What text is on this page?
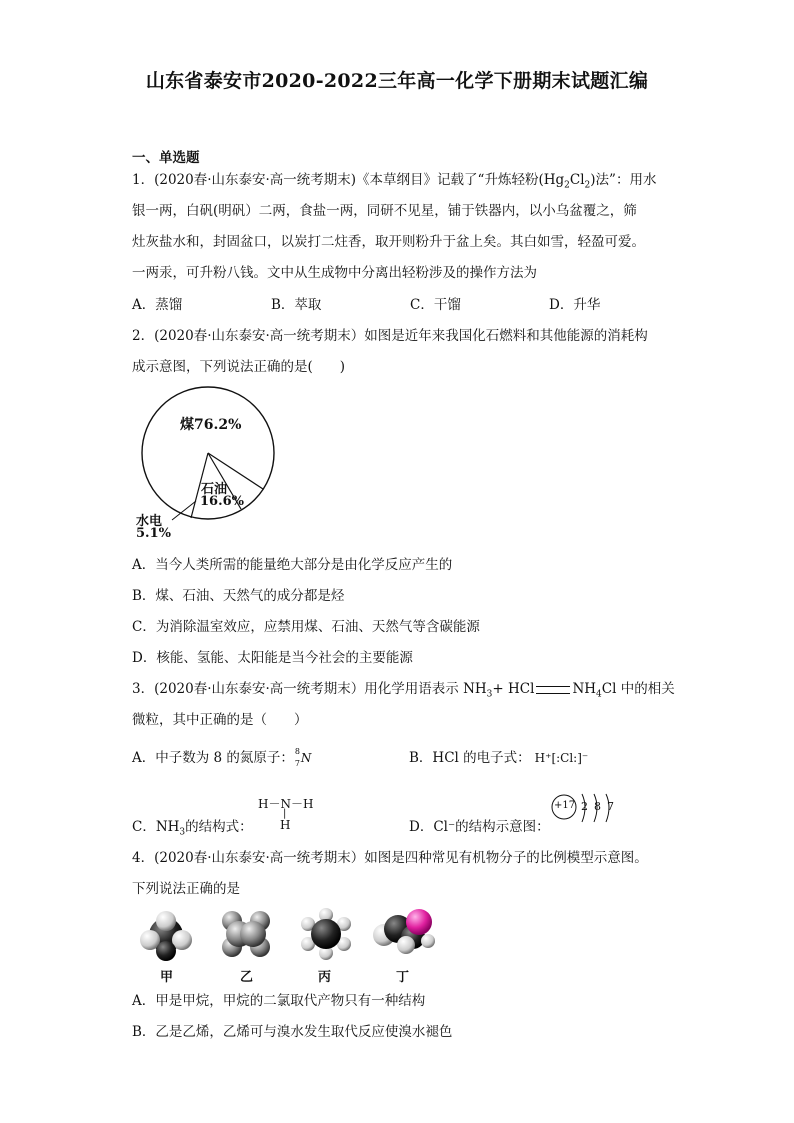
山东省泰安市2020-2022三年高一化学下册期末试题汇编
一、单选题
1．(2020春·山东泰安·高一统考期末)《本草纲目》记载了“升炼轻粉$(Hg_2Cl_2)$法”：用水
银一两，白矾(明矾）二两，食盐一两，同研不见星，铺于铁器内，以小乌盆覆之，筛
灶灰盐水和，封固盆口，以炭打二炷香，取开则粉升于盆上矣。其白如雪，轻盈可爱。
一两汞，可升粉八钱。文中从生成物中分离出轻粉涉及的操作方法为
A．蒸馏	B．萃取	C．干馏	D．升华
2．(2020春·山东泰安·高一统考期末）如图是近年来我国化石燃料和其他能源的消耗构
成示意图，下列说法正确的是(　　)
煤76.2%
石油
16.6%
水电
5.1%
A．当今人类所需的能量绝大部分是由化学反应产生的
B．煤、石油、天然气的成分都是烃
C．为消除温室效应，应禁用煤、石油、天然气等含碳能源
D．核能、氢能、太阳能是当今社会的主要能源
3．(2020春·山东泰安·高一统考期末）用化学用语表示 $NH_3+$ HCl	$NH_4Cl$ 中的相关
微粒，其中正确的是（　　）
A．中子数为 8 的氮原子： 8
7 N	B．HCl 的电子式： H⁺[:Cl:]⁻
H－N－H
|
H
C．$NH_3$的结构式：	D．Cl⁻的结构示意图：
+17 2 8 7
4．(2020春·山东泰安·高一统考期末）如图是四种常见有机物分子的比例模型示意图。
下列说法正确的是
甲	乙	丙	丁
A．甲是甲烷，甲烷的二氯取代产物只有一种结构
B．乙是乙烯，乙烯可与溴水发生取代反应使溴水褪色
